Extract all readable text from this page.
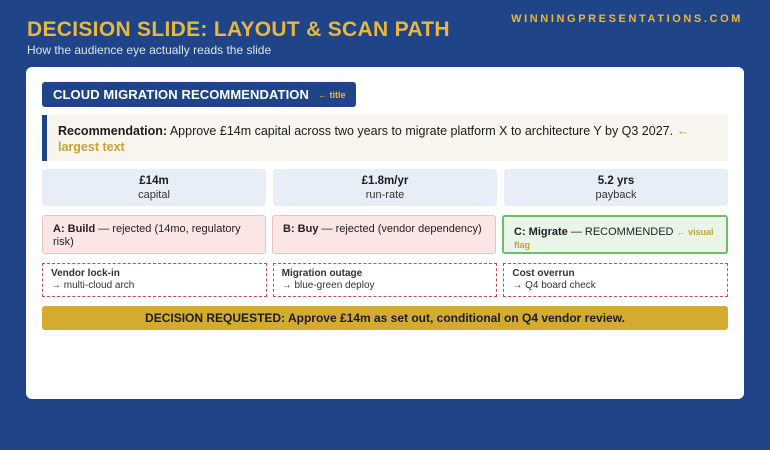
DECISION SLIDE: LAYOUT & SCAN PATH
How the audience eye actually reads the slide
WINNINGPRESENTATIONS.COM
CLOUD MIGRATION RECOMMENDATION ← title
Recommendation: Approve £14m capital across two years to migrate platform X to architecture Y by Q3 2027. ← largest text
£14m
capital
£1.8m/yr
run-rate
5.2 yrs
payback
A: Build — rejected (14mo, regulatory risk)
B: Buy — rejected (vendor dependency)	C: Migrate — RECOMMENDED ← visual flag
Vendor lock-in
→ multi-cloud arch
Migration outage
→ blue-green deploy
Cost overrun
→ Q4 board check
DECISION REQUESTED: Approve £14m as set out, conditional on Q4 vendor review.
